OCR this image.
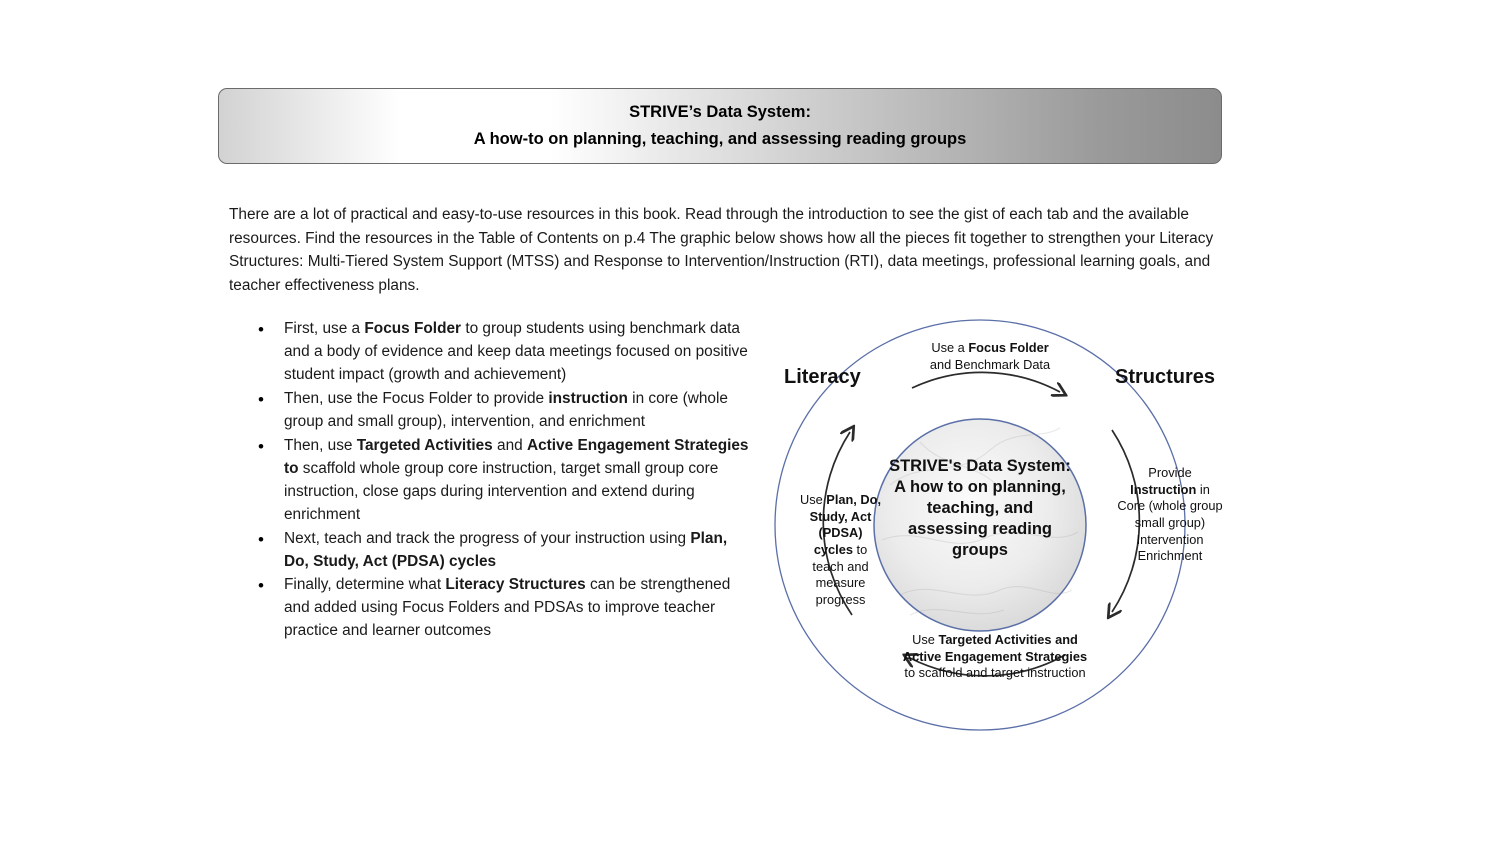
STRIVE’s Data System:
A how-to on planning, teaching, and assessing reading groups

There are a lot of practical and easy-to-use resources in this book. Read through the introduction to see the gist of each tab and the available resources. Find the resources in the Table of Contents on p.4 The graphic below shows how all the pieces fit together to strengthen your Literacy Structures: Multi-Tiered System Support (MTSS) and Response to Intervention/Instruction (RTI), data meetings, professional learning goals, and teacher effectiveness plans.

• First, use a Focus Folder to group students using benchmark data and a body of evidence and keep data meetings focused on positive student impact (growth and achievement)
• Then, use the Focus Folder to provide instruction in core (whole group and small group), intervention, and enrichment
• Then, use Targeted Activities and Active Engagement Strategies to scaffold whole group core instruction, target small group core instruction, close gaps during intervention and extend during enrichment
• Next, teach and track the progress of your instruction using Plan, Do, Study, Act (PDSA) cycles
• Finally, determine what Literacy Structures can be strengthened and added using Focus Folders and PDSAs to improve teacher practice and learner outcomes
Literacy	Structures
STRIVE's Data System: A how to on planning, teaching, and assessing reading groups
Use a Focus Folder
and Benchmark Data
Provide Instruction in Core (whole group small group) Intervention Enrichment
Use Targeted Activities and Active Engagement Strategies to scaffold and target instruction
Use Plan, Do, Study, Act (PDSA) cycles to teach and measure progress
